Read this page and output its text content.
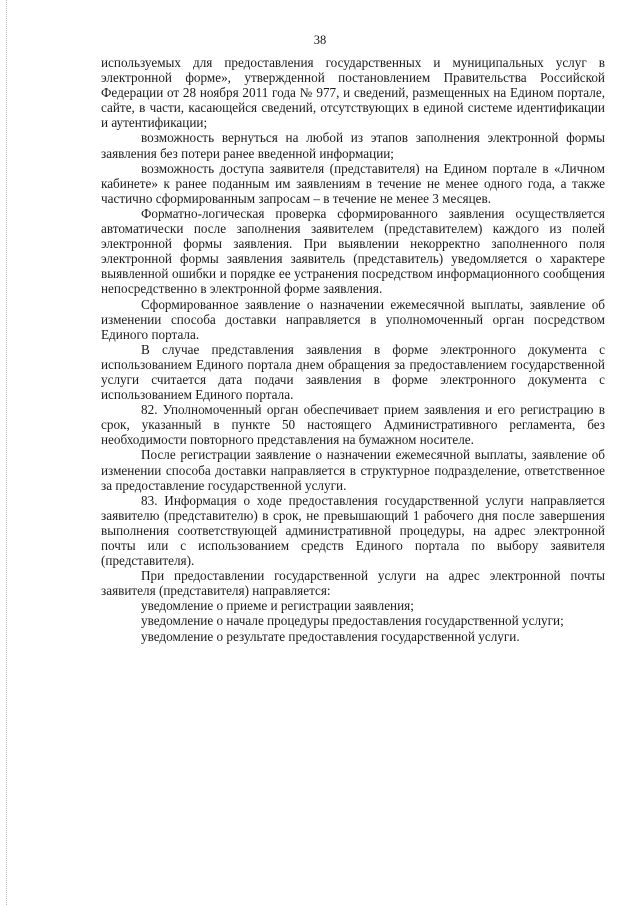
38

используемых для предоставления государственных и муниципальных услуг в электронной форме», утвержденной постановлением Правительства Российской Федерации от 28 ноября 2011 года № 977, и сведений, размещенных на Едином портале, сайте, в части, касающейся сведений, отсутствующих в единой системе идентификации и аутентификации;

возможность вернуться на любой из этапов заполнения электронной формы заявления без потери ранее введенной информации;

возможность доступа заявителя (представителя) на Едином портале в «Личном кабинете» к ранее поданным им заявлениям в течение не менее одного года, а также частично сформированным запросам – в течение не менее 3 месяцев.

Форматно-логическая проверка сформированного заявления осуществляется автоматически после заполнения заявителем (представителем) каждого из полей электронной формы заявления. При выявлении некорректно заполненного поля электронной формы заявления заявитель (представитель) уведомляется о характере выявленной ошибки и порядке ее устранения посредством информационного сообщения непосредственно в электронной форме заявления.

Сформированное заявление о назначении ежемесячной выплаты, заявление об изменении способа доставки направляется в уполномоченный орган посредством Единого портала.

В случае представления заявления в форме электронного документа с использованием Единого портала днем обращения за предоставлением государственной услуги считается дата подачи заявления в форме электронного документа с использованием Единого портала.

82. Уполномоченный орган обеспечивает прием заявления и его регистрацию в срок, указанный в пункте 50 настоящего Административного регламента, без необходимости повторного представления на бумажном носителе.

После регистрации заявление о назначении ежемесячной выплаты, заявление об изменении способа доставки направляется в структурное подразделение, ответственное за предоставление государственной услуги.

83. Информация о ходе предоставления государственной услуги направляется заявителю (представителю) в срок, не превышающий 1 рабочего дня после завершения выполнения соответствующей административной процедуры, на адрес электронной почты или с использованием средств Единого портала по выбору заявителя (представителя).

При предоставлении государственной услуги на адрес электронной почты заявителя (представителя) направляется:

уведомление о приеме и регистрации заявления;

уведомление о начале процедуры предоставления государственной услуги;

уведомление о результате предоставления государственной услуги.
